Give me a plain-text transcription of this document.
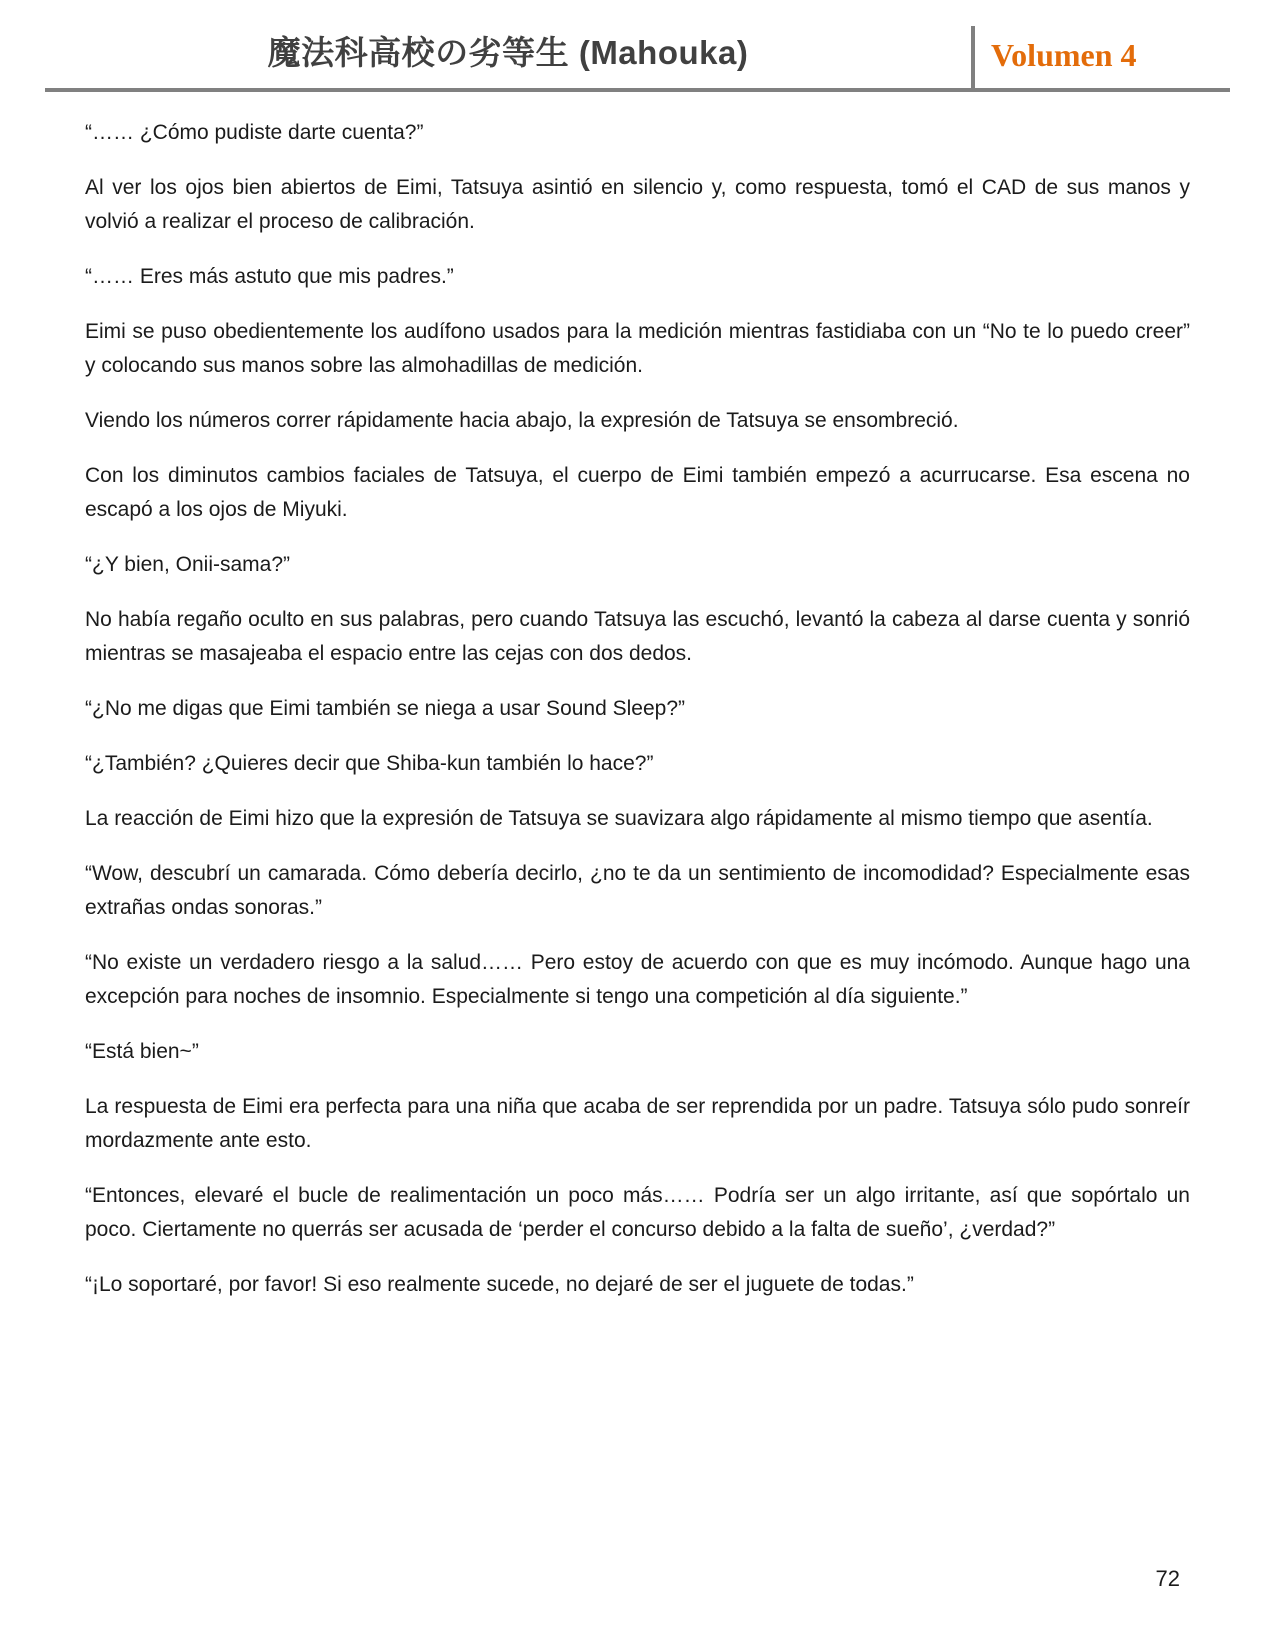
魔法科高校の劣等生 (Mahouka)	Volumen 4

“…… ¿Cómo pudiste darte cuenta?”

Al ver los ojos bien abiertos de Eimi, Tatsuya asintió en silencio y, como respuesta, tomó el CAD de sus manos y volvió a realizar el proceso de calibración.

“…… Eres más astuto que mis padres.”

Eimi se puso obedientemente los audífono usados para la medición mientras fastidiaba con un “No te lo puedo creer” y colocando sus manos sobre las almohadillas de medición.

Viendo los números correr rápidamente hacia abajo, la expresión de Tatsuya se ensombreció.

Con los diminutos cambios faciales de Tatsuya, el cuerpo de Eimi también empezó a acurrucarse. Esa escena no escapó a los ojos de Miyuki.

“¿Y bien, Onii-sama?”

No había regaño oculto en sus palabras, pero cuando Tatsuya las escuchó, levantó la cabeza al darse cuenta y sonrió mientras se masajeaba el espacio entre las cejas con dos dedos.

“¿No me digas que Eimi también se niega a usar Sound Sleep?”

“¿También? ¿Quieres decir que Shiba-kun también lo hace?”

La reacción de Eimi hizo que la expresión de Tatsuya se suavizara algo rápidamente al mismo tiempo que asentía.

“Wow, descubrí un camarada. Cómo debería decirlo, ¿no te da un sentimiento de incomodidad? Especialmente esas extrañas ondas sonoras.”

“No existe un verdadero riesgo a la salud…… Pero estoy de acuerdo con que es muy incómodo. Aunque hago una excepción para noches de insomnio. Especialmente si tengo una competición al día siguiente.”

“Está bien~”

La respuesta de Eimi era perfecta para una niña que acaba de ser reprendida por un padre. Tatsuya sólo pudo sonreír mordazmente ante esto.

“Entonces, elevaré el bucle de realimentación un poco más…… Podría ser un algo irritante, así que sopórtalo un poco. Ciertamente no querrás ser acusada de ‘perder el concurso debido a la falta de sueño’, ¿verdad?”

“¡Lo soportaré, por favor! Si eso realmente sucede, no dejaré de ser el juguete de todas.”

72
